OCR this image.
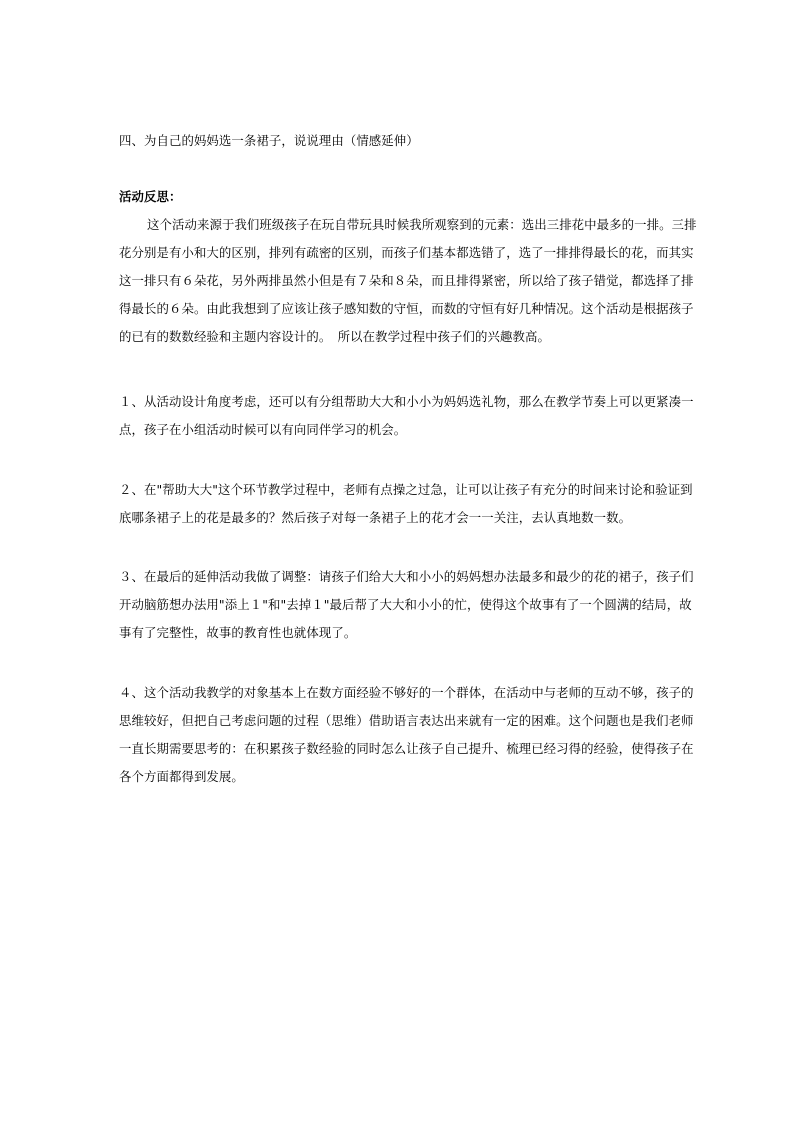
四、为自己的妈妈选一条裙子，说说理由（情感延伸）

活动反思：

这个活动来源于我们班级孩子在玩自带玩具时候我所观察到的元素：选出三排花中最多的一排。三排

花分别是有小和大的区别，排列有疏密的区别，而孩子们基本都选错了，选了一排排得最长的花，而其实

这一排只有６朵花，另外两排虽然小但是有７朵和８朵，而且排得紧密，所以给了孩子错觉，都选择了排

得最长的６朵。由此我想到了应该让孩子感知数的守恒，而数的守恒有好几种情况。这个活动是根据孩子

的已有的数数经验和主题内容设计的。　所以在教学过程中孩子们的兴趣教高。

１、从活动设计角度考虑，还可以有分组帮助大大和小小为妈妈选礼物，那么在教学节奏上可以更紧凑一

点，孩子在小组活动时候可以有向同伴学习的机会。

２、在"帮助大大"这个环节教学过程中，老师有点操之过急，让可以让孩子有充分的时间来讨论和验证到

底哪条裙子上的花是最多的？然后孩子对每一条裙子上的花才会一一关注，去认真地数一数。

３、在最后的延伸活动我做了调整：请孩子们给大大和小小的妈妈想办法最多和最少的花的裙子，孩子们

开动脑筋想办法用"添上１"和"去掉１"最后帮了大大和小小的忙，使得这个故事有了一个圆满的结局，故

事有了完整性，故事的教育性也就体现了。

４、这个活动我教学的对象基本上在数方面经验不够好的一个群体，在活动中与老师的互动不够，孩子的

思维较好，但把自己考虑问题的过程（思维）借助语言表达出来就有一定的困难。这个问题也是我们老师

一直长期需要思考的：在积累孩子数经验的同时怎么让孩子自己提升、梳理已经习得的经验，使得孩子在

各个方面都得到发展。
